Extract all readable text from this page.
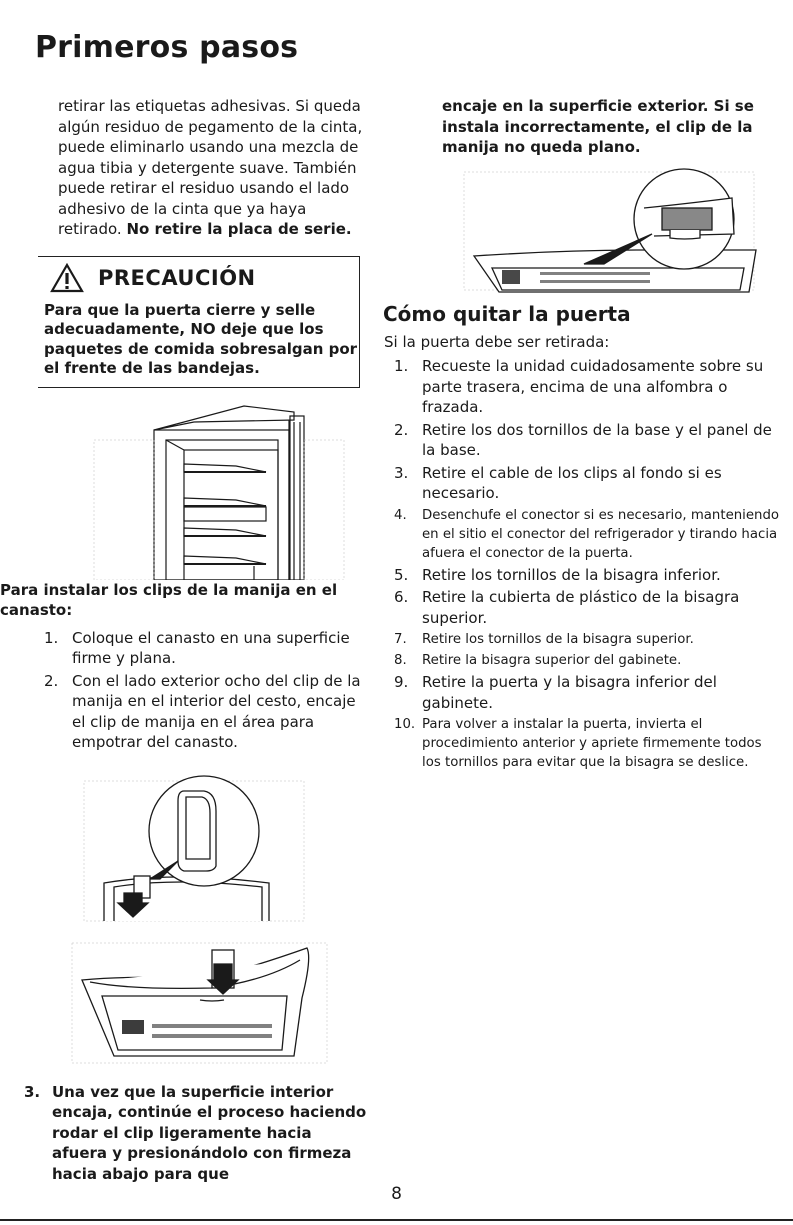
Primeros pasos

retirar las etiquetas adhesivas. Si queda algún residuo de pegamento de la cinta, puede eliminarlo usando una mezcla de agua tibia y detergente suave. También puede retirar el residuo usando el lado adhesivo de la cinta que ya haya retirado. No retire la placa de serie.

PRECAUCIÓN

Para que la puerta cierre y selle adecuadamente, NO deje que los paquetes de comida sobresalgan por el frente de las bandejas.

Para instalar los clips de la manija en el canasto:

1. Coloque el canasto en una superficie firme y plana.
2. Con el lado exterior ocho del clip de la manija en el interior del cesto, encaje el clip de manija en el área para empotrar del canasto.
3. Una vez que la superficie interior encaja, continúe el proceso haciendo rodar el clip ligeramente hacia afuera y presionándolo con firmeza hacia abajo para que

encaje en la superficie exterior. Si se instala incorrectamente, el clip de la manija no queda plano.

Cómo quitar la puerta

Si la puerta debe ser retirada:

1. Recueste la unidad cuidadosamente sobre su parte trasera, encima de una alfombra o frazada.
2. Retire los dos tornillos de la base y el panel de la base.
3. Retire el cable de los clips al fondo si es necesario.
4.	Desenchufe el conector si es necesario, manteniendo en el sitio el conector del refrigerador y tirando hacia afuera el conector de la puerta.
5. Retire los tornillos de la bisagra inferior.
6. Retire la cubierta de plástico de la bisagra superior.
7.	Retire los tornillos de la bisagra superior.
8.	Retire la bisagra superior del gabinete.
9. Retire la puerta y la bisagra inferior del gabinete.
10. Para volver a instalar la puerta, invierta el procedimiento anterior y apriete firmemente todos los tornillos para evitar que la bisagra se deslice.
8
